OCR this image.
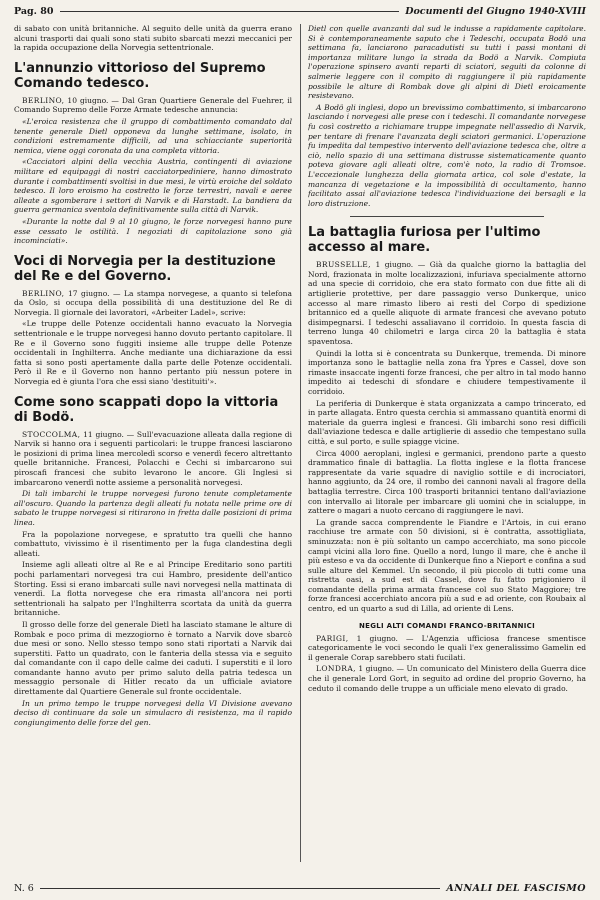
Pag. 80	Documenti del Giugno 1940-XVIII

di sabato con unità britanniche. Al seguito delle unità da guerra erano alcuni trasporti dai quali sono stati subito sbarcati mezzi meccanici per la rapida occupazione della Norvegia settentrionale.

L'annunzio vittorioso del Supremo Comando tedesco.

BERLINO, 10 giugno. — Dal Gran Quartiere Generale del Fuehrer, il Comando Supremo delle Forze Armate tedesche annuncia:

«L'eroica resistenza che il gruppo di combattimento comandato dal tenente generale Dietl opponeva da lunghe settimane, isolato, in condizioni estremamente difficili, ad una schiacciante superiorità nemica, viene oggi coronata da una completa vittoria.

«Cacciatori alpini della vecchia Austria, contingenti di aviazione militare ed equipaggi di nostri cacciatorpediniere, hanno dimostrato durante i combattimenti svoltisi in due mesi, le virtù eroiche del soldato tedesco. Il loro eroismo ha costretto le forze terrestri, navali e aeree alleate a sgomberare i settori di Narvik e di Harstadt. La bandiera da guerra germanica sventola definitivamente sulla città di Narvik.

«Durante la notte dal 9 al 10 giugno, le forze norvegesi hanno pure esse cessato le ostilità. I negoziati di capitolazione sono già incominciati».

Voci di Norvegia per la destituzione del Re e del Governo.

BERLINO, 17 giugno. — La stampa norvegese, a quanto si telefona da Oslo, si occupa della possibilità di una destituzione del Re di Norvegia. Il giornale dei lavoratori, «Arbeiter Ladel», scrive:

«Le truppe delle Potenze occidentali hanno evacuato la Norvegia settentrionale e le truppe norvegesi hanno dovuto pertanto capitolare. Il Re e il Governo sono fuggiti insieme alle truppe delle Potenze occidentali in Inghilterra. Anche mediante una dichiarazione da essi fatta si sono posti apertamente dalla parte delle Potenze occidentali. Però il Re e il Governo non hanno pertanto più nessun potere in Norvegia ed è giunta l'ora che essi siano 'destituiti'».

Come sono scappati dopo la vittoria di Bodö.

STOCCOLMA, 11 giugno. — Sull'evacuazione alleata dalla regione di Narvik si hanno ora i seguenti particolari: le truppe francesi lasciarono le posizioni di prima linea mercoledì scorso e venerdì fecero altrettanto quelle britanniche. Francesi, Polacchi e Cechi si imbarcarono sui piroscafi francesi che subito levarono le ancore. Gli Inglesi si imbarcarono venerdì notte assieme a personalità norvegesi.

Di tali imbarchi le truppe norvegesi furono tenute completamente all'oscuro. Quando la partenza degli alleati fu notata nelle prime ore di sabato le truppe norvegesi si ritirarono in fretta dalle posizioni di prima linea.

Fra la popolazione norvegese, e spratutto tra quelli che hanno combattuto, vivissimo è il risentimento per la fuga clandestina degli alleati.

Insieme agli alleati oltre al Re e al Principe Ereditario sono partiti pochi parlamentari norvegesi tra cui Hambro, presidente dell'antico Storting. Essi si erano imbarcati sulle navi norvegesi nella mattinata di venerdì. La flotta norvegese che era rimasta all'ancora nei porti settentrionali ha salpato per l'Inghilterra scortata da unità da guerra britanniche.

Il grosso delle forze del generale Dietl ha lasciato stamane le alture di Rombak e poco prima di mezzogiorno è tornato a Narvik dove sbarcò due mesi or sono. Nello stesso tempo sono stati riportati a Narvik dai superstiti. Fatto un quadrato, con le fanteria della stessa via e seguito dal comandante con il capo delle calme dei caduti. I superstiti e il loro comandante hanno avuto per primo saluto della patria tedesca un messaggio personale di Hitler recato da un ufficiale aviatore direttamente dal Quartiere Generale sul fronte occidentale.

In un primo tempo le truppe norvegesi della VI Divisione avevano deciso di continuare da sole un simulacro di resistenza, ma il rapido congiungimento delle forze del gen.

Dietl con quelle avanzanti dal sud le indusse a rapidamente capitolare. Si è contemporaneamente saputo che i Tedeschi, occupata Bodö una settimana fa, lanciarono paracadutisti su tutti i passi montani di importanza militare lungo la strada da Bodö a Narvik. Compiuta l'operazione spinsero avanti reparti di sciatori, seguiti da colonne di salmerie leggere con il compito di raggiungere il più rapidamente possibile le alture di Rombak dove gli alpini di Dietl eroicamente resistevano.

A Bodö gli inglesi, dopo un brevissimo combattimento, si imbarcarono lasciando i norvegesi alle prese con i tedeschi. Il comandante norvegese fu così costretto a richiamare truppe impegnate nell'assedio di Narvik, per tentare di frenare l'avanzata degli sciatori germanici. L'operazione fu impedita dal tempestivo intervento dell'aviazione tedesca che, oltre a ciò, nello spazio di una settimana distrusse sistematicamente quanto poteva giovare agli alleati oltre, com'è noto, la radio di Tromsoe. L'eccezionale lunghezza della giornata artica, col sole d'estate, la mancanza di vegetazione e la impossibilità di occultamento, hanno facilitato assai all'aviazione tedesca l'individuazione dei bersagli e la loro distruzione.

La battaglia furiosa per l'ultimo accesso al mare.

BRUSSELLE, 1 giugno. — Già da qualche giorno la battaglia del Nord, frazionata in molte localizzazioni, infuriava specialmente attorno ad una specie di corridoio, che era stato formato con due fitte ali di artiglierie protettive, per dare passaggio verso Dunkerque, unico accesso al mare rimasto libero ai resti del Corpo di spedizione britannico ed a quelle aliquote di armate francesi che avevano potuto disimpegnarsi. I tedeschi assaliavano il corridoio. In questa fascia di terreno lunga 40 chilometri e larga circa 20 la battaglia è stata spaventosa.

Quindi la lotta si è concentrata su Dunkerque, tremenda. Di minore importanza sono le battaglie nella zona fra Ypres e Cassel, dove son rimaste insaccate ingenti forze francesi, che per altro in tal modo hanno impedito ai tedeschi di sfondare e chiudere tempestivamente il corridoio.

La periferia di Dunkerque è stata organizzata a campo trincerato, ed in parte allagata. Entro questa cerchia si ammassano quantità enormi di materiale da guerra inglesi e francesi. Gli imbarchi sono resi difficili dall'aviazione tedesca e dalle artiglierie di assedio che tempestano sulla città, e sul porto, e sulle spiagge vicine.

Circa 4000 aeroplani, inglesi e germanici, prendono parte a questo drammatico finale di battaglia. La flotta inglese e la flotta francese rappresentate da varie squadre di naviglio sottile e di incrociatori, hanno aggiunto, da 24 ore, il rombo dei cannoni navali al fragore della battaglia terrestre. Circa 100 trasporti britannici tentano dall'aviazione con intervallo ai litorale per imbarcare gli uomini che in scialuppe, in zattere o magari a nuoto cercano di raggiungere le navi.

La grande sacca comprendente le Fiandre e l'Artois, in cui erano racchiuse tre armate con 50 divisioni, si è contratta, assottigliata, sminuzzata: non è più soltanto un campo accerchiato, ma sono piccole campi vicini alla loro fine. Quello a nord, lungo il mare, che è anche il più esteso e va da occidente di Dunkerque fino a Nieport e confina a sud sulle alture del Kemmel. Un secondo, il più piccolo di tutti come una ristretta oasi, a sud est di Cassel, dove fu fatto prigioniero il comandante della prima armata francese col suo Stato Maggiore; tre forze francesi accerchiato ancora più a sud e ad oriente, con Roubaix al centro, ed un quarto a sud di Lilla, ad oriente di Lens.

NEGLI ALTI COMANDI FRANCO-BRITANNICI

PARIGI, 1 giugno. — L'Agenzia ufficiosa francese smentisce categoricamente le voci secondo le quali l'ex generalissimo Gamelin ed il generale Corap sarebbero stati fucilati.

LONDRA, 1 giugno. — Un comunicato del Ministero della Guerra dice che il generale Lord Gort, in seguito ad ordine del proprio Governo, ha ceduto il comando delle truppe a un ufficiale meno elevato di grado.

N. 6	ANNALI DEL FASCISMO
